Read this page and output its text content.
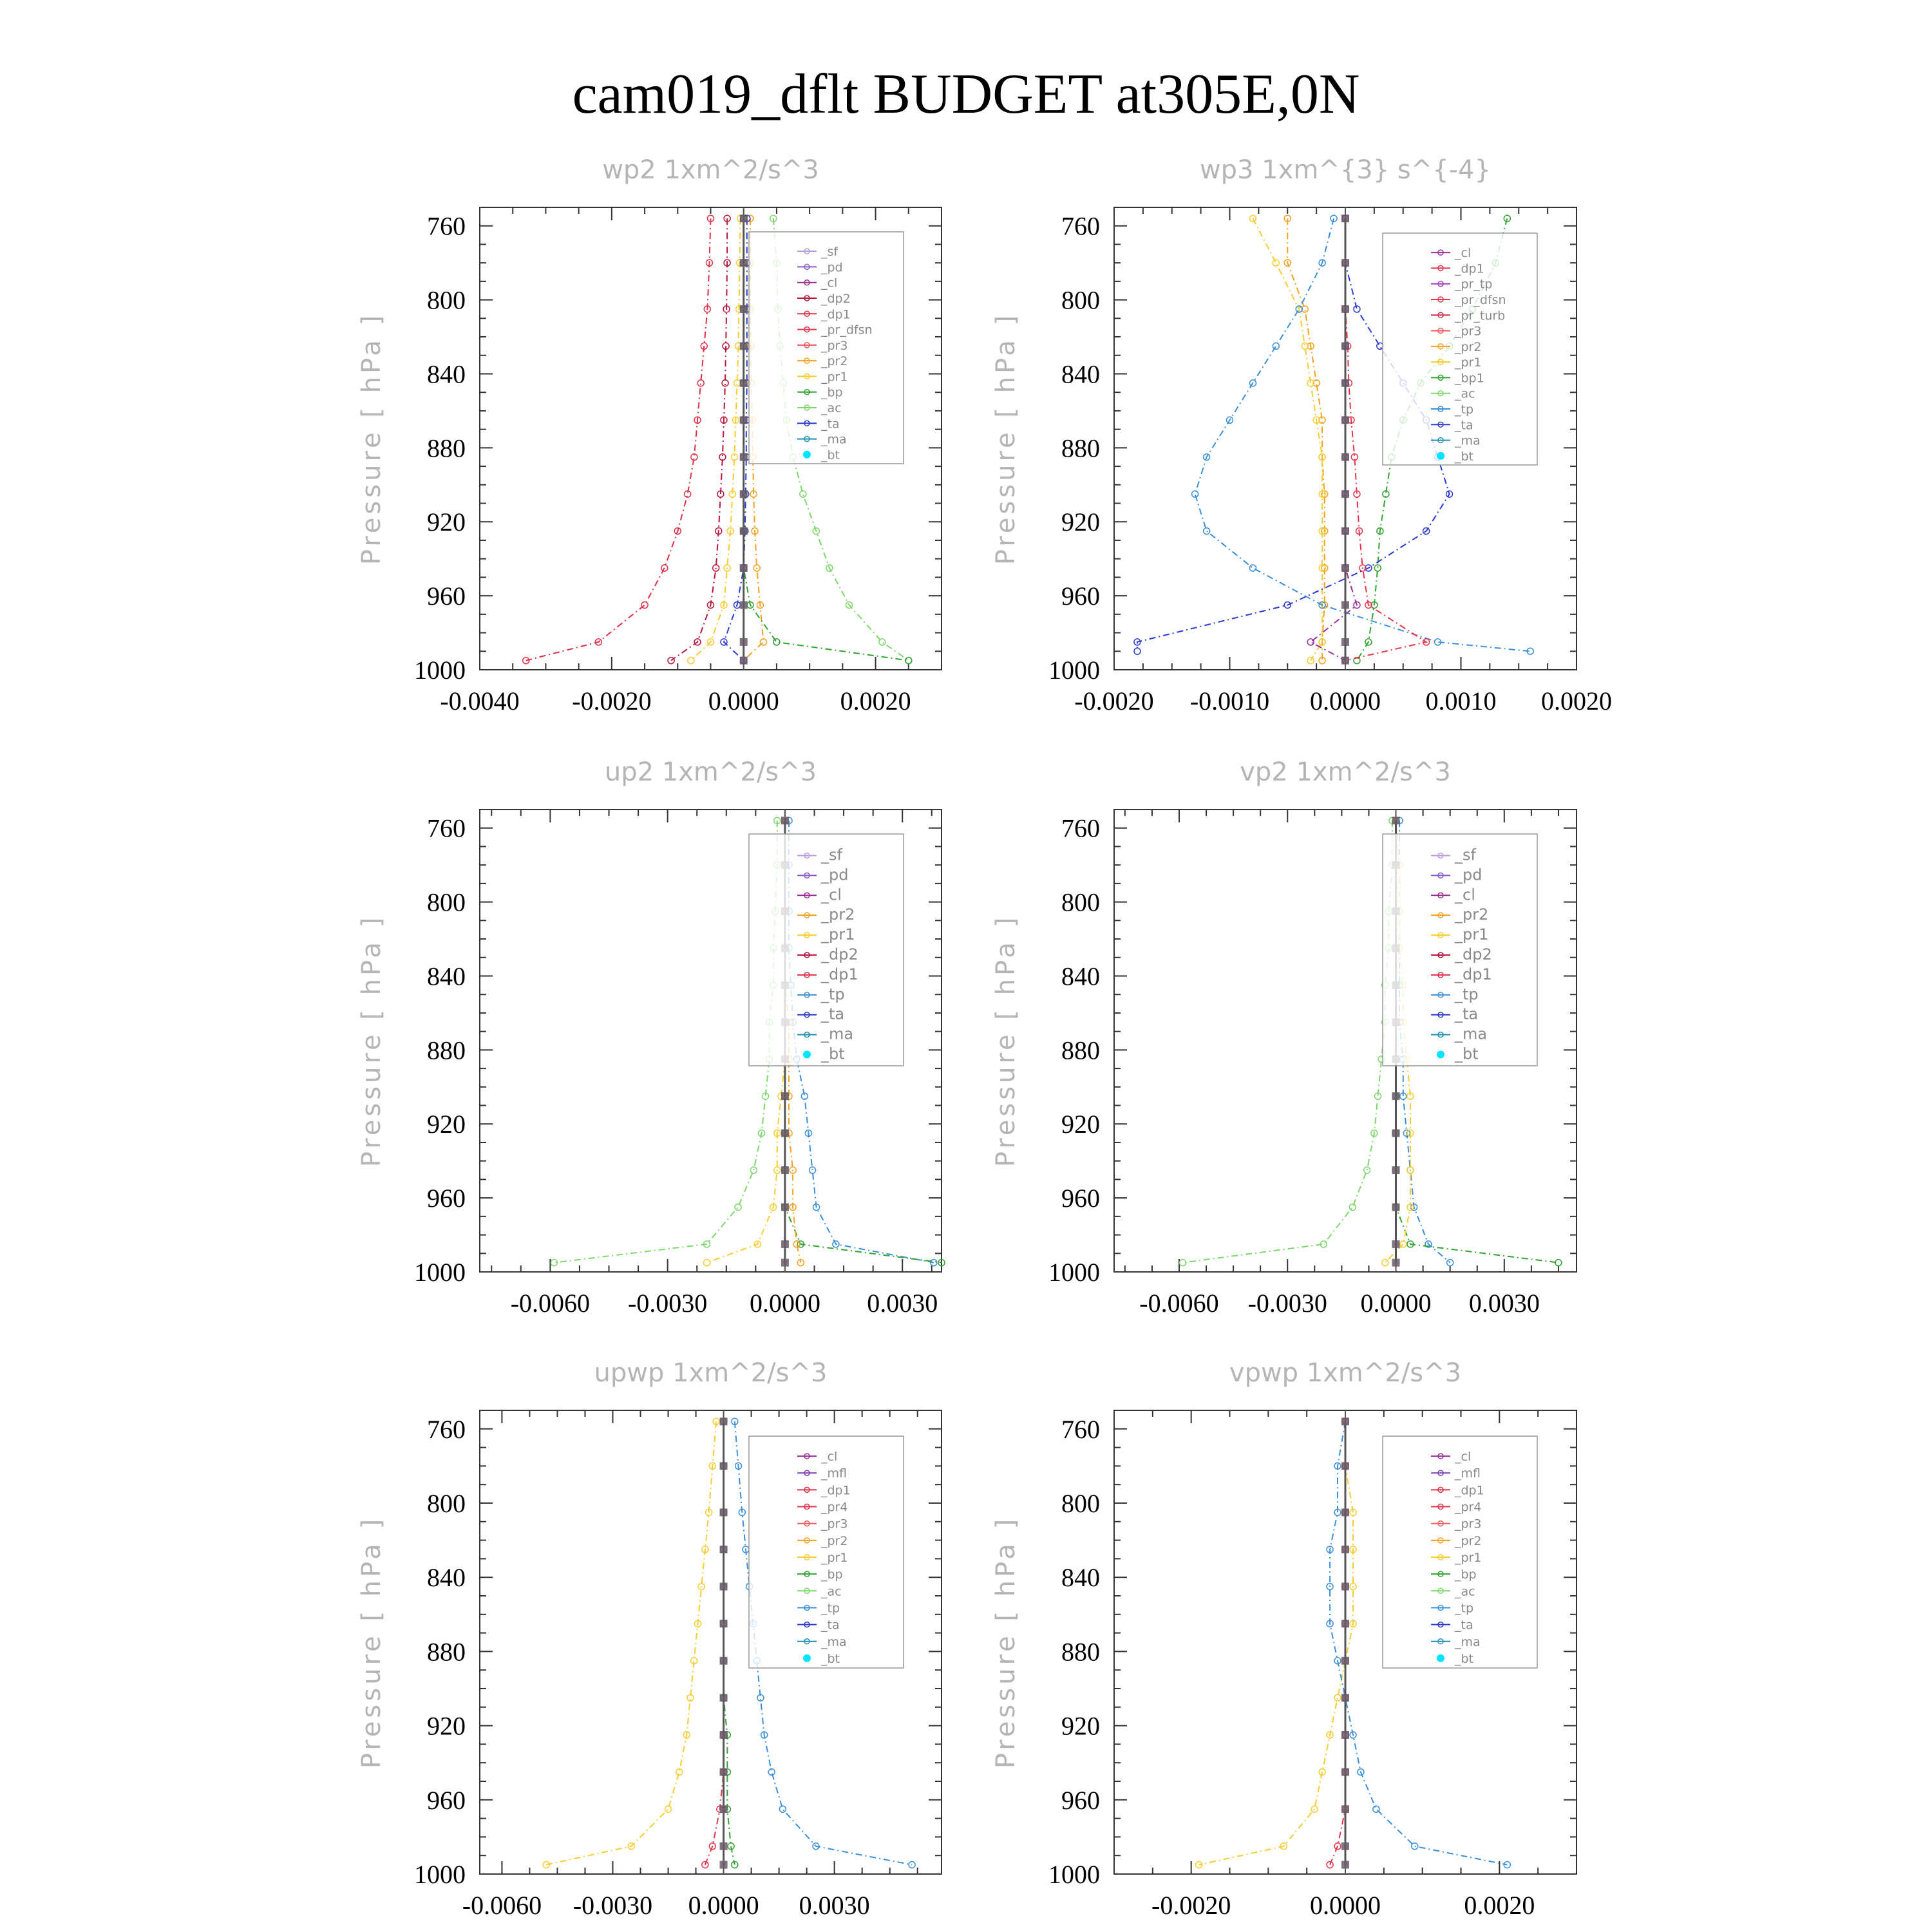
cam019_dflt BUDGET at305E,0N
wp2 1xm^2/s^3
Pressure [ hPa ]
760
800
840
880
920
960
1000
-0.0040 -0.0020 0.0000 0.0020
_sf
_pd
_cl
_dp2
_dp1
_pr_dfsn
_pr3
_pr2
_pr1
_bp
_ac
_ta
_ma
_bt
wp3 1xm^{3} s^{-4}
Pressure [ hPa ]
760
800
840
880
920
960
1000
-0.0020 -0.0010 0.0000 0.0010 0.0020
_cl
_dp1
_pr_tp
_pr_dfsn
_pr_turb
_pr3
_pr2
_pr1
_bp1
_ac
_tp
_ta
_ma
_bt
up2 1xm^2/s^3
Pressure [ hPa ]
760
800
840
880
920
960
1000
-0.0060 -0.0030 0.0000 0.0030
_sf
_pd
_cl
_pr2
_pr1
_dp2
_dp1
_tp
_ta
_ma
_bt
vp2 1xm^2/s^3
Pressure [ hPa ]
760
800
840
880
920
960
1000
-0.0060 -0.0030 0.0000 0.0030
_sf
_pd
_cl
_pr2
_pr1
_dp2
_dp1
_tp
_ta
_ma
_bt
upwp 1xm^2/s^3
Pressure [ hPa ]
760
800
840
880
920
960
1000
-0.0060 -0.0030 0.0000 0.0030
_cl
_mfl
_dp1
_pr4
_pr3
_pr2
_pr1
_bp
_ac
_tp
_ta
_ma
_bt
vpwp 1xm^2/s^3
Pressure [ hPa ]
760
800
840
880
920
960
1000
-0.0020	0.0000	0.0020
_cl
_mfl
_dp1
_pr4
_pr3
_pr2
_pr1
_bp
_ac
_tp
_ta
_ma
_bt
